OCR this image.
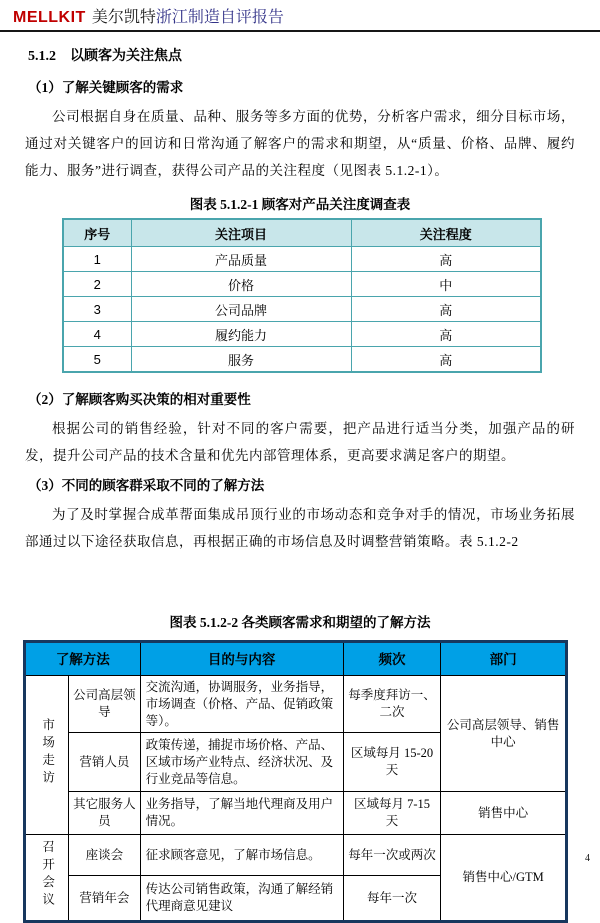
MELLKIT 美尔凯特浙江制造自评报告
5.1.2　以顾客为关注焦点
（1）了解关键顾客的需求
公司根据自身在质量、品种、服务等多方面的优势，分析客户需求，细分目标市场，通过对关键客户的回访和日常沟通了解客户的需求和期望，从“质量、价格、品牌、履约能力、服务”进行调查，获得公司产品的关注程度（见图表 5.1.2-1）。
图表 5.1.2-1 顾客对产品关注度调查表
序号	关注项目	关注程度
1	产品质量	高
2	价格	中
3	公司品牌	高
4	履约能力	高
5	服务	高
（2）了解顾客购买决策的相对重要性
根据公司的销售经验，针对不同的客户需要，把产品进行适当分类，加强产品的研发，提升公司产品的技术含量和优先内部管理体系，更高要求满足客户的期望。
（3）不同的顾客群采取不同的了解方法
为了及时掌握合成革帮面集成吊顶行业的市场动态和竞争对手的情况，市场业务拓展部通过以下途径获取信息，再根据正确的市场信息及时调整营销策略。表 5.1.2-2
图表 5.1.2-2 各类顾客需求和期望的了解方法
了解方法		目的与内容	频次	部门
市场走访	公司高层领导	交流沟通，协调服务，业务指导，市场调查（价格、产品、促销政策等）。	每季度拜访一、二次	公司高层领导、销售中心
	营销人员	政策传递，捕捉市场价格、产品、区域市场产业特点、经济状况、及行业竞品等信息。	区域每月 15-20 天	
	其它服务人员	业务指导，了解当地代理商及用户情况。	区域每月 7-15 天	销售中心
召开会议	座谈会	征求顾客意见，了解市场信息。	每年一次或两次	销售中心/GTM
	营销年会	传达公司销售政策，沟通了解经销代理商意见建议	每年一次	
4
